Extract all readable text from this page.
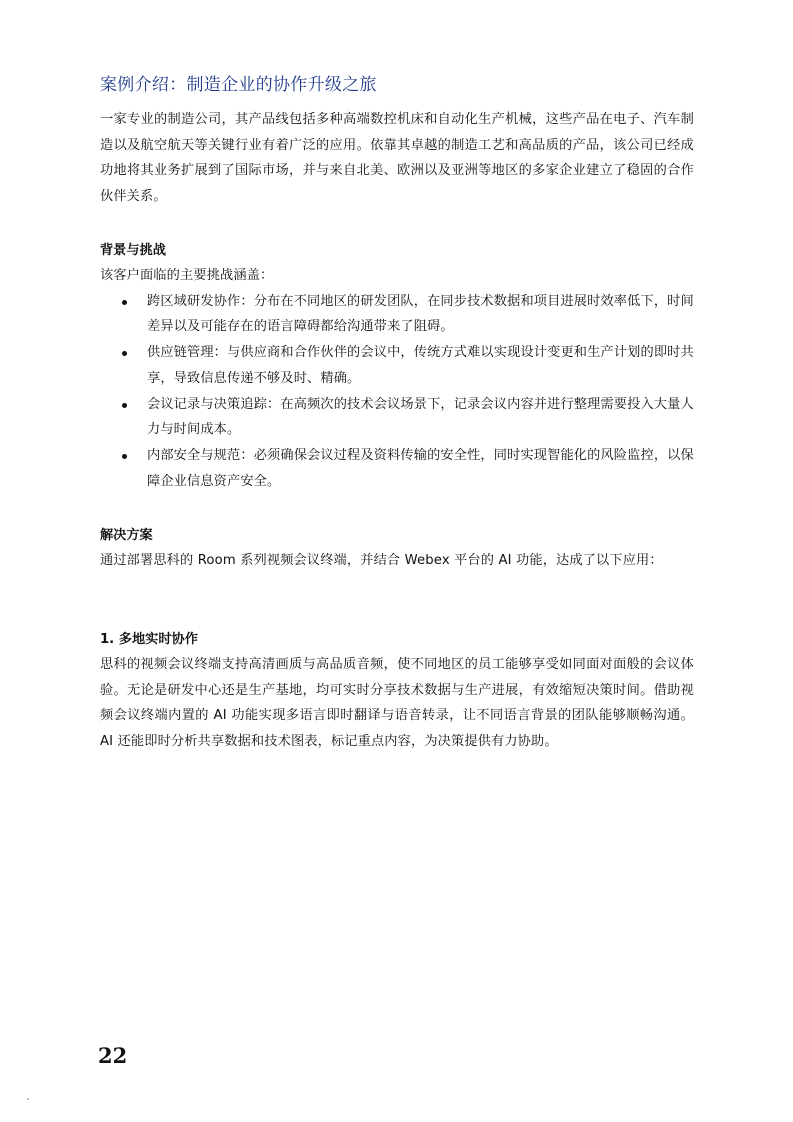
案例介绍：制造企业的协作升级之旅

一家专业的制造公司，其产品线包括多种高端数控机床和自动化生产机械，这些产品在电子、汽车制造以及航空航天等关键行业有着广泛的应用。依靠其卓越的制造工艺和高品质的产品，该公司已经成功地将其业务扩展到了国际市场，并与来自北美、欧洲以及亚洲等地区的多家企业建立了稳固的合作伙伴关系。

背景与挑战

该客户面临的主要挑战涵盖：

跨区域研发协作：分布在不同地区的研发团队，在同步技术数据和项目进展时效率低下，时间差异以及可能存在的语言障碍都给沟通带来了阻碍。
供应链管理：与供应商和合作伙伴的会议中，传统方式难以实现设计变更和生产计划的即时共享，导致信息传递不够及时、精确。
会议记录与决策追踪：在高频次的技术会议场景下，记录会议内容并进行整理需要投入大量人力与时间成本。
内部安全与规范：必须确保会议过程及资料传输的安全性，同时实现智能化的风险监控，以保障企业信息资产安全。

解决方案

通过部署思科的 Room 系列视频会议终端，并结合 Webex 平台的 AI 功能，达成了以下应用：

1. 多地实时协作

思科的视频会议终端支持高清画质与高品质音频，使不同地区的员工能够享受如同面对面般的会议体验。无论是研发中心还是生产基地，均可实时分享技术数据与生产进展，有效缩短决策时间。借助视频会议终端内置的 AI 功能实现多语言即时翻译与语音转录，让不同语言背景的团队能够顺畅沟通。AI 还能即时分析共享数据和技术图表，标记重点内容，为决策提供有力协助。

22
